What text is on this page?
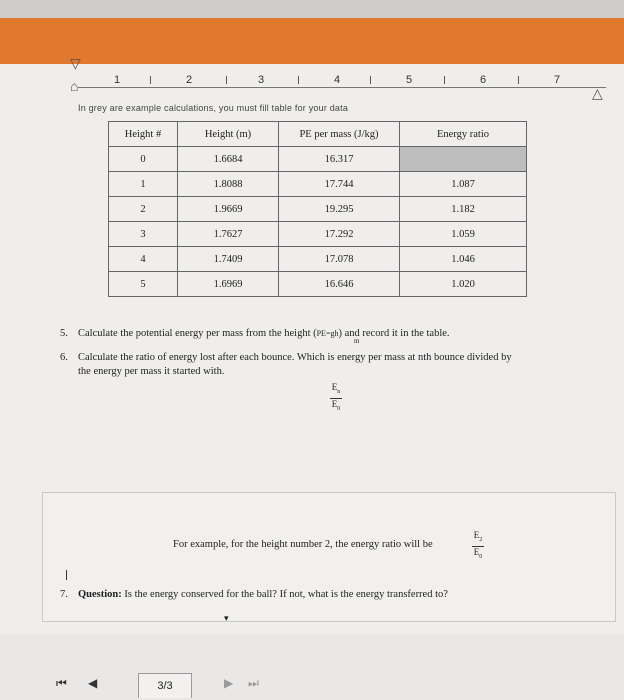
1	2	3	4	5	6	7
▽
⌂	△
In grey are example calculations, you must fill table for your data
Height #	Height (m)	PE per mass (J/kg)	Energy ratio
0	1.6684	16.317	
1	1.8088	17.744	1.087
2	1.9669	19.295	1.182
3	1.7627	17.292	1.059
4	1.7409	17.078	1.046
5	1.6969	16.646	1.020
5. Calculate the potential energy per mass from the height (PE=gh) and record it in the table.
m
6. Calculate the ratio of energy lost after each bounce. Which is energy per mass at nth bounce divided by
the energy per mass it started with.
$E_n$
$E_0$
For example, for the height number 2, the energy ratio will be
$E_2$
$E_0$
7. Question: Is the energy conserved for the ball? If not, what is the energy transferred to?
▾
⏮ ◀	3/3	▶ ⏭
